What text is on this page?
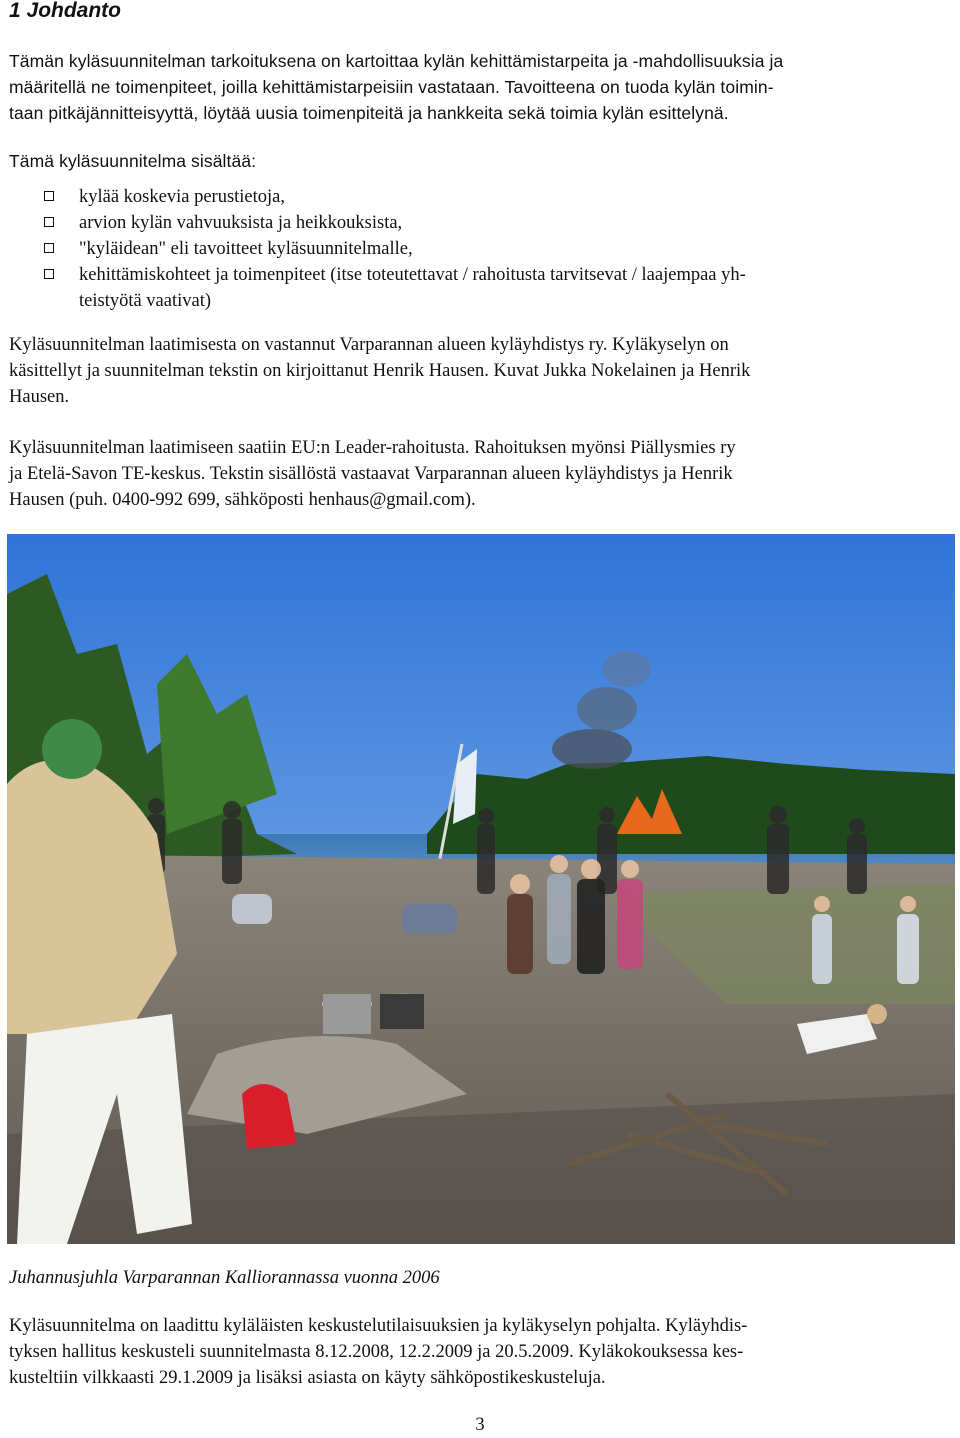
1 Johdanto
Tämän kyläsuunnitelman tarkoituksena on kartoittaa kylän kehittämistarpeita ja -mahdollisuuksia ja
määritellä ne toimenpiteet, joilla kehittämistarpeisiin vastataan. Tavoitteena on tuoda kylän toimin-
taan pitkäjännitteisyyttä, löytää uusia toimenpiteitä ja hankkeita sekä toimia kylän esittelynä.

Tämä kyläsuunnitelma sisältää:

kylää koskevia perustietoja,
arvion kylän vahvuuksista ja heikkouksista,
"kyläidean" eli tavoitteet kyläsuunnitelmalle,
kehittämiskohteet ja toimenpiteet (itse toteutettavat / rahoitusta tarvitsevat / laajempaa yh-
teistyötä vaativat)
Kyläsuunnitelman laatimisesta on vastannut Varparannan alueen kyläyhdistys ry. Kyläkyselyn on
käsittellyt ja suunnitelman tekstin on kirjoittanut Henrik Hausen. Kuvat Jukka Nokelainen ja Henrik
Hausen.
Kyläsuunnitelman laatimiseen saatiin EU:n Leader-rahoitusta. Rahoituksen myönsi Piällysmies ry
ja Etelä-Savon TE-keskus. Tekstin sisällöstä vastaavat Varparannan alueen kyläyhdistys ja Henrik
Hausen (puh. 0400-992 699, sähköposti henhaus@gmail.com).

Juhannusjuhla Varparannan Kalliorannassa vuonna 2006

Kyläsuunnitelma on laadittu kyläläisten keskustelutilaisuuksien ja kyläkyselyn pohjalta. Kyläyhdis-
tyksen hallitus keskusteli suunnitelmasta 8.12.2008, 12.2.2009 ja 20.5.2009. Kyläkokouksessa kes-
kusteltiin vilkkaasti 29.1.2009 ja lisäksi asiasta on käyty sähköpostikeskusteluja.
3
